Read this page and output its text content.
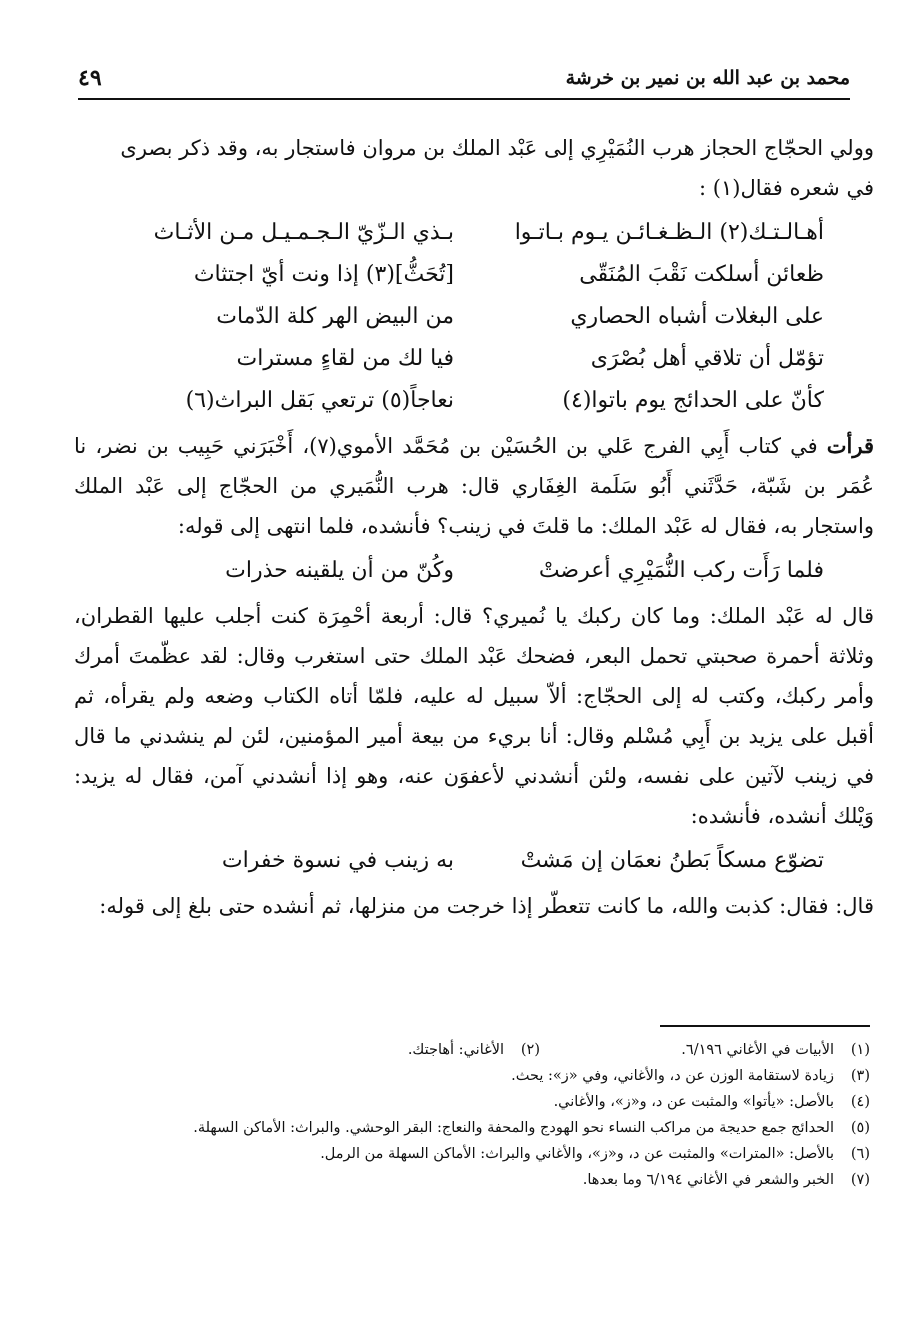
محمد بن عبد الله بن نمير بن خرشة
٤٩

وولي الحجّاج الحجاز هرب النُمَيْرِي إلى عَبْد الملك بن مروان فاستجار به، وقد ذكر بصرى
في شعره فقال(١) :

أهـالـتـك(٢) الـظـغـائـن يـوم بـاتـوا
بـذي الـزّيّ الـجـمـيـل مـن الأثـاث
ظعائن أسلكت نَقْبَ المُنَقّى
[تُحَثُّ](٣) إذا ونت أيّ اجتثاث
على البغلات أشباه الحصاري
من البيض الهر كلة الدّمات
تؤمّل أن تلاقي أهل بُصْرَى
فيا لك من لقاءٍ مسترات
كأنّ على الحدائج يوم باتوا(٤)
نعاجاً(٥) ترتعي بَقل البراث(٦)

قرأت في كتاب أَبِي الفرج عَلي بن الحُسَيْن بن مُحَمَّد الأموي(٧)، أَخْبَرَني حَبِيب بن نضر، نا عُمَر بن شَبّة، حَدَّثَني أَبُو سَلَمة الغِفَاري قال: هرب النُّمَيري من الحجّاج إلى عَبْد الملك واستجار به، فقال له عَبْد الملك: ما قلتَ في زينب؟ فأنشده، فلما انتهى إلى قوله:

فلما رَأَت ركب النُّمَيْرِي أعرضتْ
وكُنّ من أن يلقينه حذرات

قال له عَبْد الملك: وما كان ركبك يا نُميري؟ قال: أربعة أحْمِرَة كنت أجلب عليها القطران، وثلاثة أحمرة صحبتي تحمل البعر، فضحك عَبْد الملك حتى استغرب وقال: لقد عظّمتَ أمرك وأمر ركبك، وكتب له إلى الحجّاج: ألاّ سبيل له عليه، فلمّا أتاه الكتاب وضعه ولم يقرأه، ثم أقبل على يزيد بن أَبِي مُسْلم وقال: أنا بريء من بيعة أمير المؤمنين، لئن لم ينشدني ما قال في زينب لآتين على نفسه، ولئن أنشدني لأعفوَن عنه، وهو إذا أنشدني آمن، فقال له يزيد: وَيْلك أنشده، فأنشده:

تضوّع مسكاً بَطنُ نعمَان إن مَشتْ
به زينب في نسوة خفرات

قال: فقال: كذبت والله، ما كانت تتعطّر إذا خرجت من منزلها، ثم أنشده حتى بلغ إلى قوله:

(١)
الأبيات في الأغاني ٦/١٩٦.
(٢)
الأغاني: أهاجتك.
(٣)
زيادة لاستقامة الوزن عن د، والأغاني، وفي «ز»: يحث.
(٤)
بالأصل: «يأتوا» والمثبت عن د، و«ز»، والأغاني.
(٥)
الحدائج جمع حديجة من مراكب النساء نحو الهودج والمحفة والنعاج: البقر الوحشي. والبراث: الأماكن السهلة.
(٦)
بالأصل: «المترات» والمثبت عن د، و«ز»، والأغاني والبراث: الأماكن السهلة من الرمل.
(٧)
الخبر والشعر في الأغاني ٦/١٩٤ وما بعدها.
